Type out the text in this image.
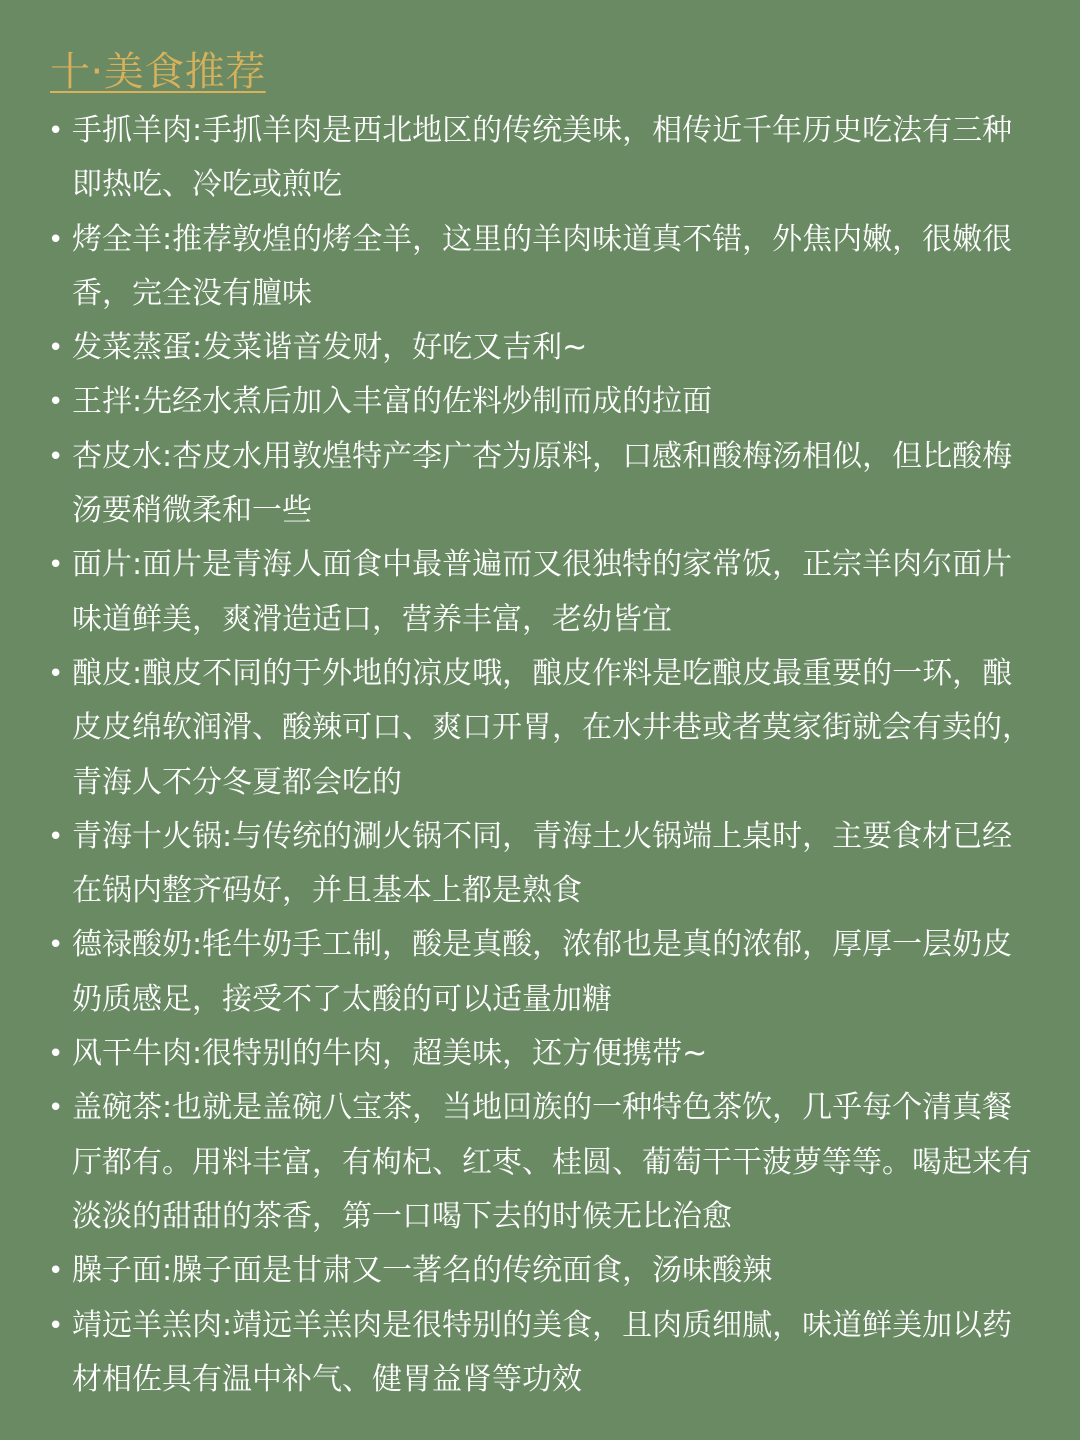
十·美食推荐
• 手抓羊肉:手抓羊肉是西北地区的传统美味，相传近千年历史吃法有三种即热吃、冷吃或煎吃
• 烤全羊:推荐敦煌的烤全羊，这里的羊肉味道真不错，外焦内嫩，很嫩很香，完全没有膻味
• 发菜蒸蛋:发菜谐音发财，好吃又吉利~
• 王拌:先经水煮后加入丰富的佐料炒制而成的拉面
• 杏皮水:杏皮水用敦煌特产李广杏为原料，口感和酸梅汤相似，但比酸梅汤要稍微柔和一些
• 面片:面片是青海人面食中最普遍而又很独特的家常饭，正宗羊肉尔面片味道鲜美，爽滑造适口，营养丰富，老幼皆宜
• 酿皮:酿皮不同的于外地的凉皮哦，酿皮作料是吃酿皮最重要的一环，酿皮皮绵软润滑、酸辣可口、爽口开胃，在水井巷或者莫家街就会有卖的，青海人不分冬夏都会吃的
• 青海十火锅:与传统的涮火锅不同，青海土火锅端上桌时，主要食材已经在锅内整齐码好，并且基本上都是熟食
• 德禄酸奶:牦牛奶手工制，酸是真酸，浓郁也是真的浓郁，厚厚一层奶皮奶质感足，接受不了太酸的可以适量加糖
• 风干牛肉:很特别的牛肉，超美味，还方便携带~
• 盖碗茶:也就是盖碗八宝茶，当地回族的一种特色茶饮，几乎每个清真餐厅都有。用料丰富，有枸杞、红枣、桂圆、葡萄干干菠萝等等。喝起来有淡淡的甜甜的茶香，第一口喝下去的时候无比治愈
• 臊子面:臊子面是甘肃又一著名的传统面食，汤味酸辣
• 靖远羊羔肉:靖远羊羔肉是很特别的美食，且肉质细腻，味道鲜美加以药材相佐具有温中补气、健胃益肾等功效
